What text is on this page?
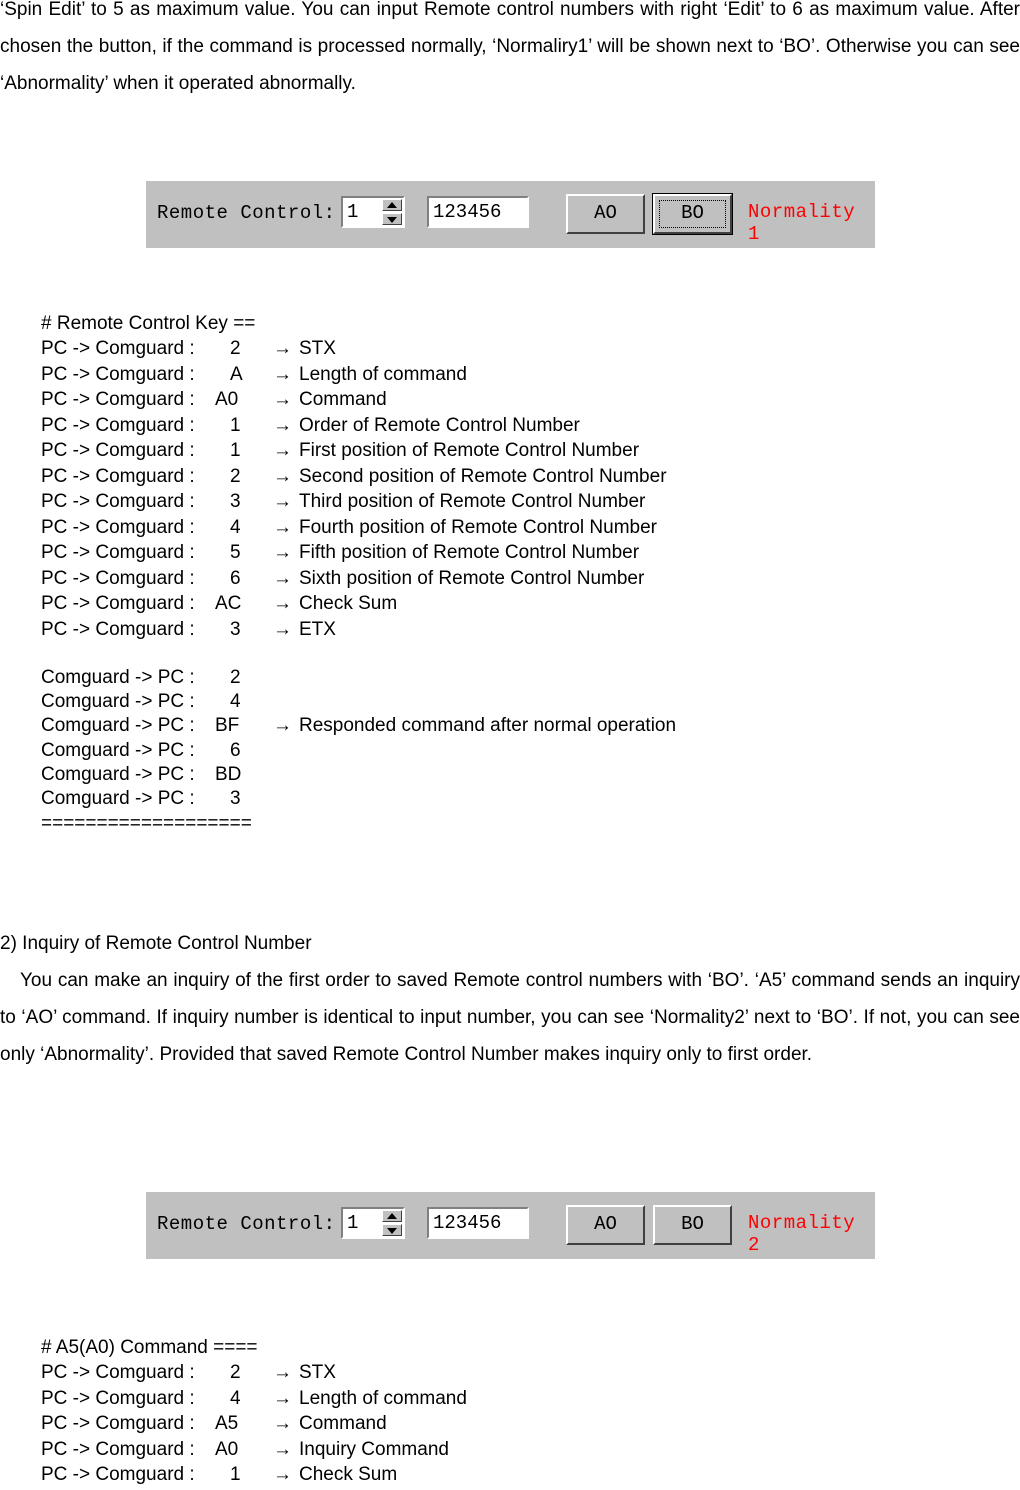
‘Spin Edit’ to 5 as maximum value. You can input Remote control numbers with right ‘Edit’ to 6 as maximum value. After chosen the button, if the command is processed normally, ‘Normaliry1’ will be shown next to ‘BO’. Otherwise you can see ‘Abnormality’ when it operated abnormally.

Remote Control: 1	123456	AO	BO	Normality 1
# Remote Control Key ==
PC -> Comguard : 2 → STX
PC -> Comguard : A → Length of command
PC -> Comguard : A0 → Command
PC -> Comguard : 1 → Order of Remote Control Number
PC -> Comguard : 1 → First position of Remote Control Number
PC -> Comguard : 2 → Second position of Remote Control Number
PC -> Comguard : 3 → Third position of Remote Control Number
PC -> Comguard : 4 → Fourth position of Remote Control Number
PC -> Comguard : 5 → Fifth position of Remote Control Number
PC -> Comguard : 6 → Sixth position of Remote Control Number
PC -> Comguard : AC → Check Sum
PC -> Comguard : 3 → ETX
Comguard -> PC : 2
Comguard -> PC : 4
Comguard -> PC : BF → Responded command after normal operation
Comguard -> PC : 6
Comguard -> PC : BD
Comguard -> PC : 3
===================
2) Inquiry of Remote Control Number

You can make an inquiry of the first order to saved Remote control numbers with ‘BO’. ‘A5’ command sends an inquiry to ‘AO’ command. If inquiry number is identical to input number, you can see ‘Normality2’ next to ‘BO’. If not, you can see only ‘Abnormality’. Provided that saved Remote Control Number makes inquiry only to first order.

Remote Control: 1	123456	AO	BO	Normality 2
# A5(A0) Command ====
PC -> Comguard : 2 → STX
PC -> Comguard : 4 → Length of command
PC -> Comguard : A5 → Command
PC -> Comguard : A0 → Inquiry Command
PC -> Comguard : 1 → Check Sum
